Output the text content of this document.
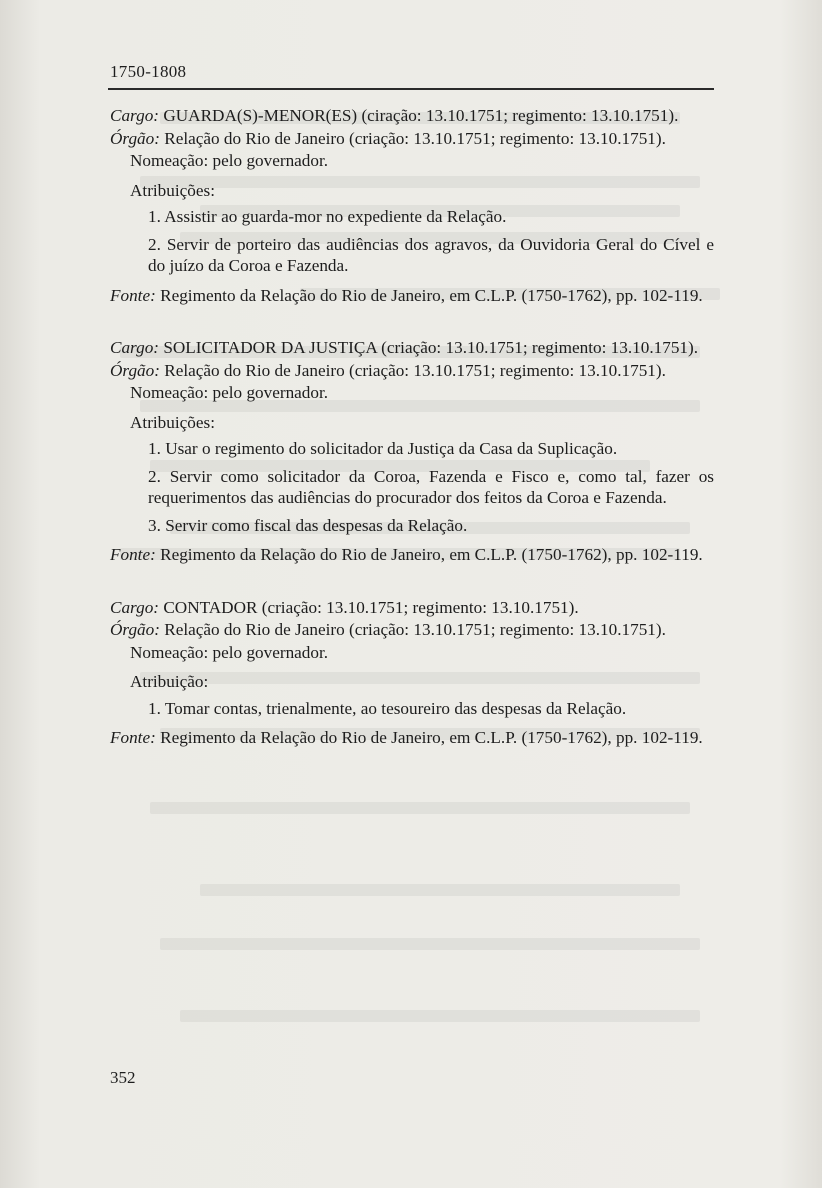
1750-1808

Cargo: GUARDA(S)-MENOR(ES) (ciração: 13.10.1751; regimento: 13.10.1751).

Órgão: Relação do Rio de Janeiro (criação: 13.10.1751; regimento: 13.10.1751).

Nomeação: pelo governador.

Atribuições:

1. Assistir ao guarda-mor no expediente da Relação.

2. Servir de porteiro das audiências dos agravos, da Ouvidoria Geral do Cível e do juízo da Coroa e Fazenda.

Fonte: Regimento da Relação do Rio de Janeiro, em C.L.P. (1750-1762), pp. 102-119.

Cargo: SOLICITADOR DA JUSTIÇA (criação: 13.10.1751; regimento: 13.10.1751).

Órgão: Relação do Rio de Janeiro (criação: 13.10.1751; regimento: 13.10.1751).

Nomeação: pelo governador.

Atribuições:

1. Usar o regimento do solicitador da Justiça da Casa da Suplicação.

2. Servir como solicitador da Coroa, Fazenda e Fisco e, como tal, fazer os requerimentos das audiências do procurador dos feitos da Coroa e Fazenda.

3. Servir como fiscal das despesas da Relação.

Fonte: Regimento da Relação do Rio de Janeiro, em C.L.P. (1750-1762), pp. 102-119.

Cargo: CONTADOR (criação: 13.10.1751; regimento: 13.10.1751).

Órgão: Relação do Rio de Janeiro (criação: 13.10.1751; regimento: 13.10.1751).

Nomeação: pelo governador.

Atribuição:

1. Tomar contas, trienalmente, ao tesoureiro das despesas da Relação.

Fonte: Regimento da Relação do Rio de Janeiro, em C.L.P. (1750-1762), pp. 102-119.

352
